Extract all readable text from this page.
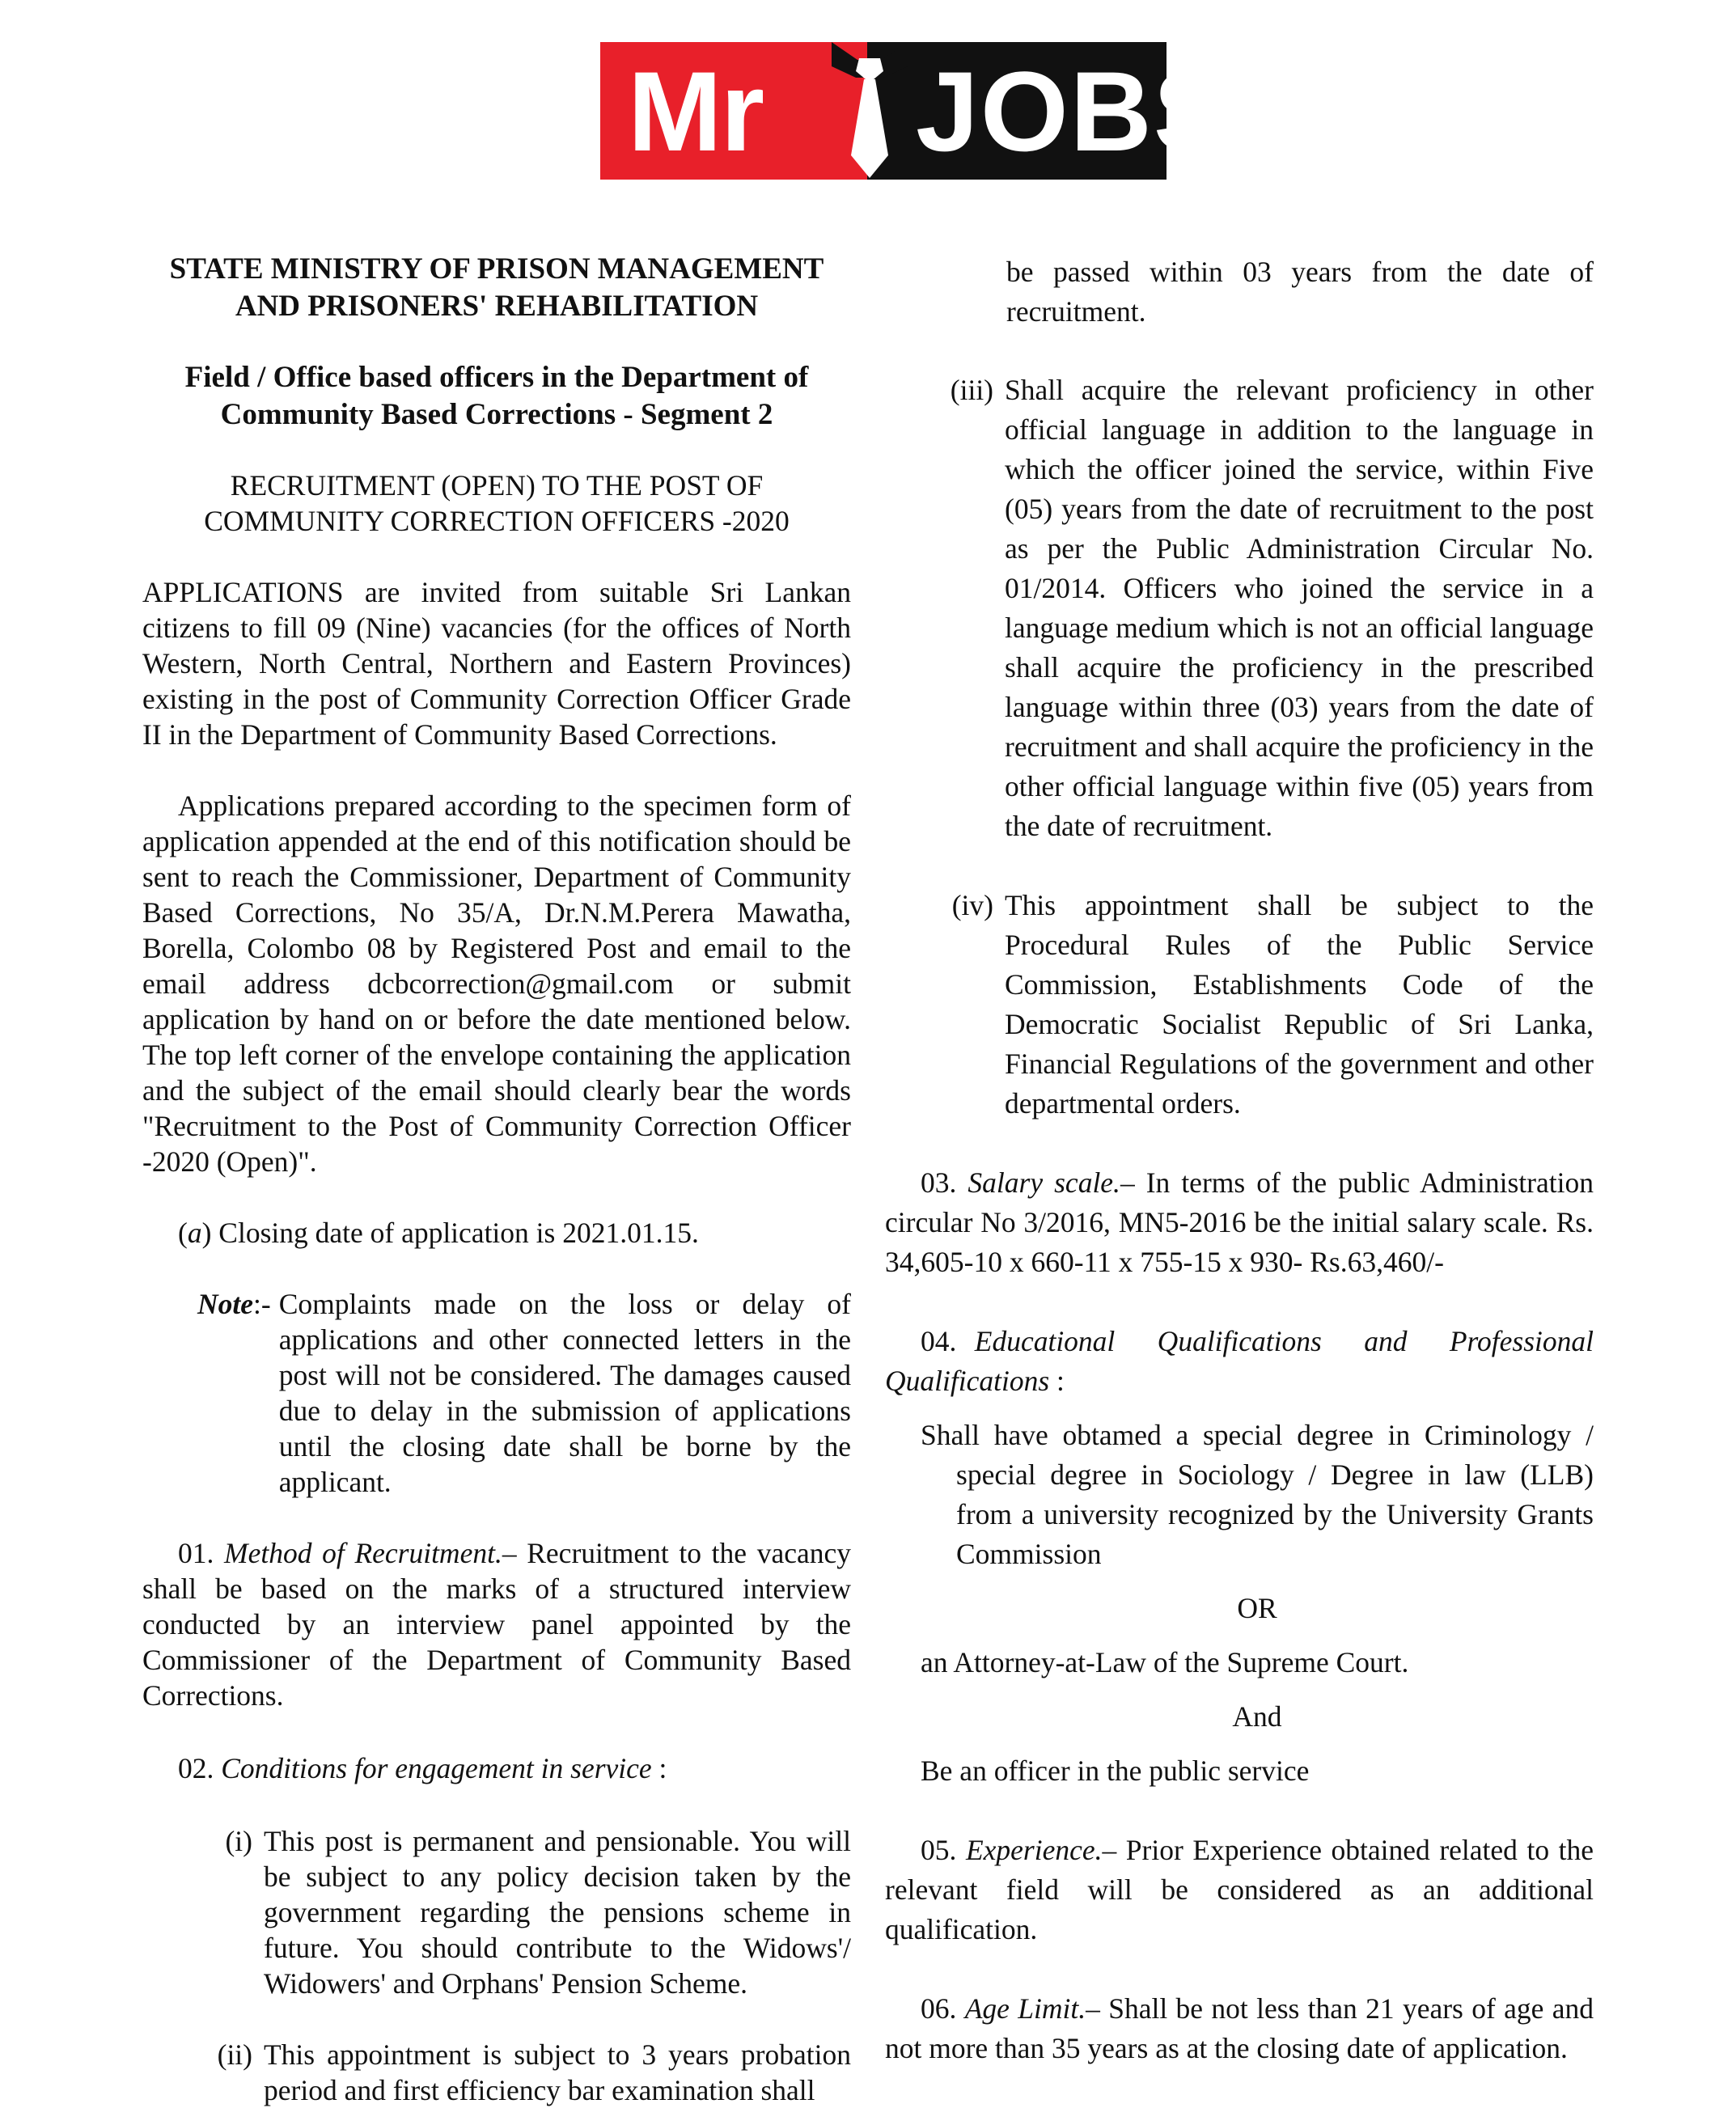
Mr JOBS

STATE MINISTRY OF PRISON MANAGEMENT

AND PRISONERS' REHABILITATION

Field / Office based officers in the Department of

Community Based Corrections - Segment 2

RECRUITMENT (OPEN) TO THE POST OF

COMMUNITY CORRECTION OFFICERS -2020

APPLICATIONS are invited from suitable Sri Lankan citizens to fill 09 (Nine) vacancies (for the offices of North Western, North Central, Northern and Eastern Provinces) existing in the post of Community Correction Officer Grade II in the Department of Community Based Corrections.

Applications prepared according to the specimen form of application appended at the end of this notification should be sent to reach the Commissioner, Department of Community Based Corrections, No 35/A, Dr.N.M.Perera Mawatha, Borella, Colombo 08 by Registered Post and email to the email address dcbcorrection@gmail.com or submit application by hand on or before the date mentioned below. The top left corner of the envelope containing the application and the subject of the email should clearly bear the words "Recruitment to the Post of Community Correction Officer -2020 (Open)".

(a) Closing date of application is 2021.01.15.

Note:- Complaints made on the loss or delay of applications and other connected letters in the post will not be considered. The damages caused due to delay in the submission of applications until the closing date shall be borne by the applicant.

01. Method of Recruitment.– Recruitment to the vacancy shall be based on the marks of a structured interview conducted by an interview panel appointed by the Commissioner of the Department of Community Based Corrections.

02. Conditions for engagement in service :

(i) This post is permanent and pensionable. You will be subject to any policy decision taken by the government regarding the pensions scheme in future. You should contribute to the Widows'/ Widowers' and Orphans' Pension Scheme.
(ii) This appointment is subject to 3 years probation period and first efficiency bar examination shall

be passed within 03 years from the date of recruitment.

(iii) Shall acquire the relevant proficiency in other official language in addition to the language in which the officer joined the service, within Five (05) years from the date of recruitment to the post as per the Public Administration Circular No. 01/2014. Officers who joined the service in a language medium which is not an official language shall acquire the proficiency in the prescribed language within three (03) years from the date of recruitment and shall acquire the proficiency in the other official language within five (05) years from the date of recruitment.
(iv) This appointment shall be subject to the Procedural Rules of the Public Service Commission, Establishments Code of the Democratic Socialist Republic of Sri Lanka, Financial Regulations of the government and other departmental orders.

03. Salary scale.– In terms of the public Administration circular No 3/2016, MN5-2016 be the initial salary scale. Rs. 34,605-10 x 660-11 x 755-15 x 930- Rs.63,460/-

04. Educational Qualifications and Professional Qualifications :

Shall have obtamed a special degree in Criminology / special degree in Sociology / Degree in law (LLB) from a university recognized by the University Grants Commission

OR

an Attorney-at-Law of the Supreme Court.

And

Be an officer in the public service

05. Experience.– Prior Experience obtained related to the relevant field will be considered as an additional qualification.

06. Age Limit.– Shall be not less than 21 years of age and not more than 35 years as at the closing date of application.
